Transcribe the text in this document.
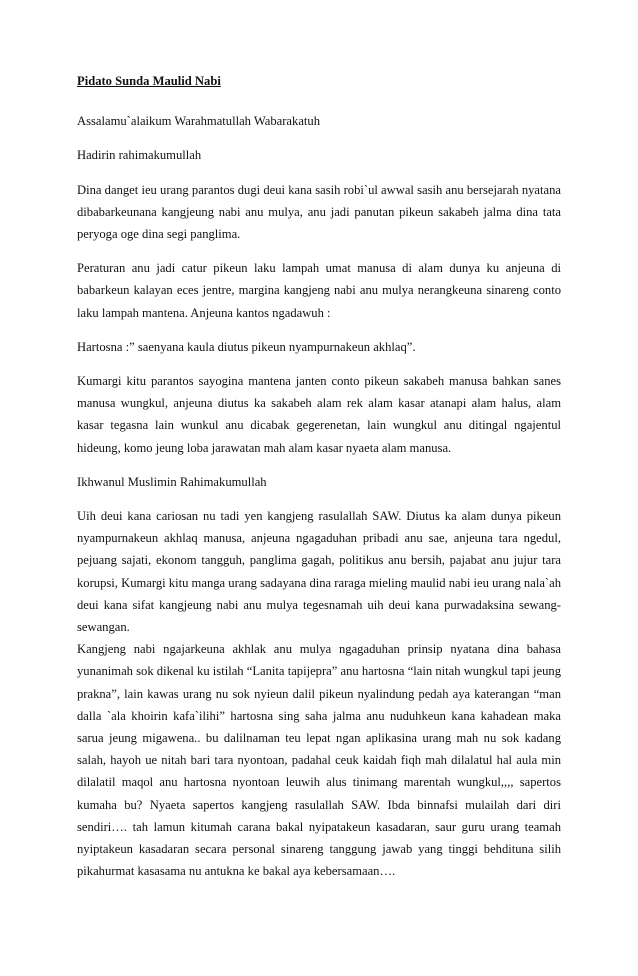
Pidato Sunda Maulid Nabi

Assalamu`alaikum Warahmatullah Wabarakatuh

Hadirin rahimakumullah

Dina danget ieu urang parantos dugi deui kana sasih robi`ul awwal sasih anu bersejarah nyatana dibabarkeunana kangjeung nabi anu mulya, anu jadi panutan pikeun sakabeh jalma dina tata peryoga oge dina segi panglima.

Peraturan anu jadi catur pikeun laku lampah umat manusa di alam dunya ku anjeuna di babarkeun kalayan eces jentre, margina kangjeng nabi anu mulya nerangkeuna sinareng conto laku lampah mantena. Anjeuna kantos ngadawuh :

Hartosna :” saenyana kaula diutus pikeun nyampurnakeun akhlaq”.

Kumargi kitu parantos sayogina mantena janten conto pikeun sakabeh manusa bahkan sanes manusa wungkul, anjeuna diutus ka sakabeh alam rek alam kasar atanapi alam halus, alam kasar tegasna lain wunkul anu dicabak gegerenetan, lain wungkul anu ditingal ngajentul hideung, komo jeung loba jarawatan mah alam kasar nyaeta alam manusa.

Ikhwanul Muslimin Rahimakumullah

Uih deui kana cariosan nu tadi yen kangjeng rasulallah SAW. Diutus ka alam dunya pikeun nyampurnakeun akhlaq manusa, anjeuna ngagaduhan pribadi anu sae, anjeuna tara ngedul, pejuang sajati, ekonom tangguh, panglima gagah, politikus anu bersih, pajabat anu jujur tara korupsi, Kumargi kitu manga urang sadayana dina raraga mieling maulid nabi ieu urang nala`ah deui kana sifat kangjeung nabi anu mulya tegesnamah uih deui kana purwadaksina sewang-sewangan.

Kangjeng nabi ngajarkeuna akhlak anu mulya ngagaduhan prinsip nyatana dina bahasa yunanimah sok dikenal ku istilah “Lanita tapijepra” anu hartosna “lain nitah wungkul tapi jeung prakna”, lain kawas urang nu sok nyieun dalil pikeun nyalindung pedah aya katerangan “man dalla `ala khoirin kafa`ilihi” hartosna sing saha jalma anu nuduhkeun kana kahadean maka sarua jeung migawena.. bu dalilnaman teu lepat ngan aplikasina urang mah nu sok kadang salah, hayoh ue nitah bari tara nyontoan, padahal ceuk kaidah fiqh mah dilalatul hal aula min dilalatil maqol anu hartosna nyontoan leuwih alus tinimang marentah wungkul,,,, sapertos kumaha bu? Nyaeta sapertos kangjeng rasulallah SAW. Ibda binnafsi mulailah dari diri sendiri…. tah lamun kitumah carana bakal nyipatakeun kasadaran, saur guru urang teamah nyiptakeun kasadaran secara personal sinareng tanggung jawab yang tinggi behdituna silih pikahurmat kasasama nu antukna ke bakal aya kebersamaan….
